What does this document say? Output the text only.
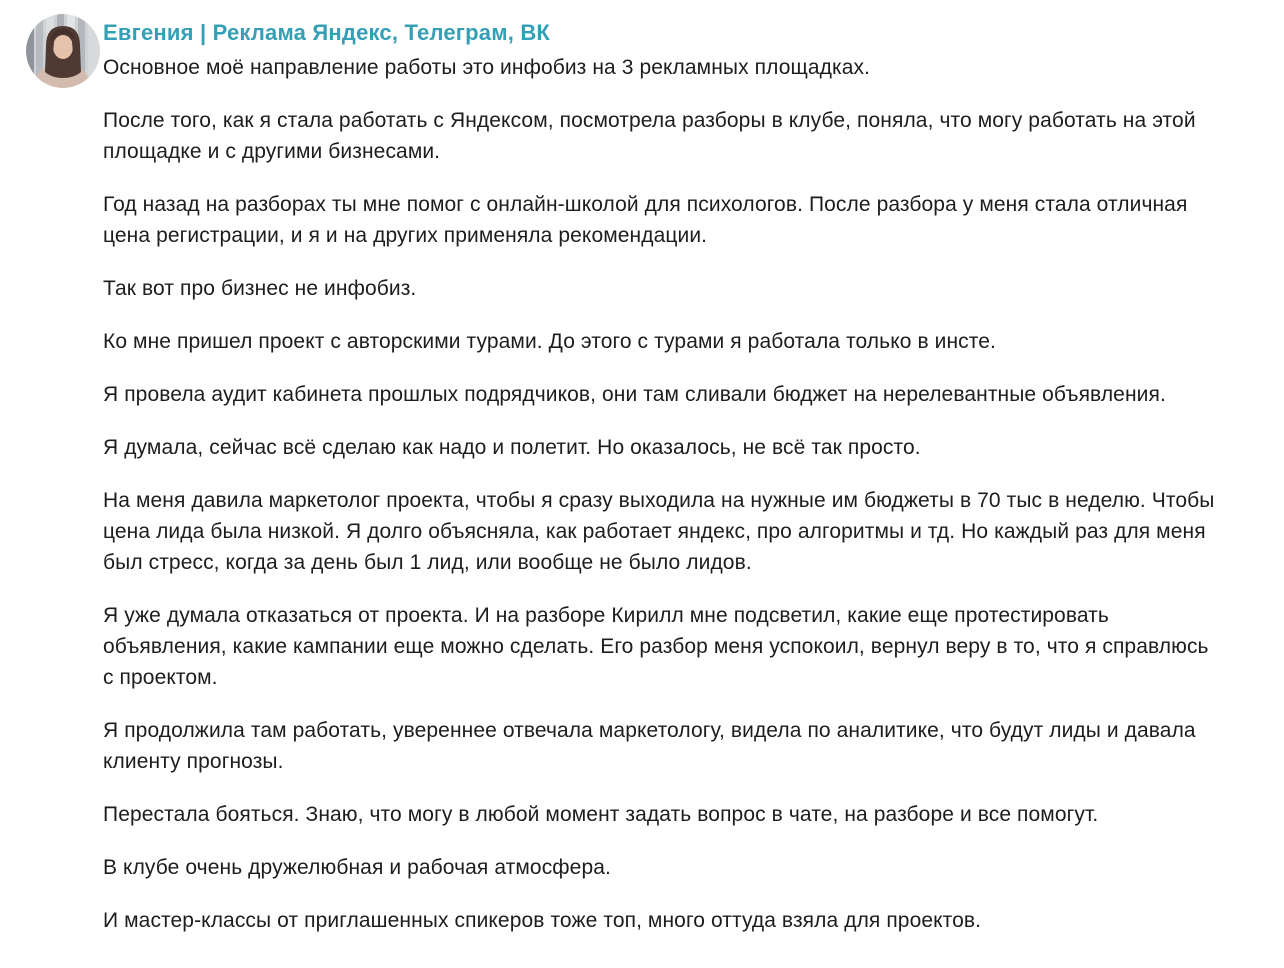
Евгения | Реклама Яндекс, Телеграм, ВК

Основное моё направление работы это инфобиз на 3 рекламных площадках.

После того, как я стала работать с Яндексом, посмотрела разборы в клубе, поняла, что могу работать на этой площадке и с другими бизнесами.

Год назад на разборах ты мне помог с онлайн-школой для психологов. После разбора у меня стала отличная цена регистрации, и я и на других применяла рекомендации.

Так вот про бизнес не инфобиз.

Ко мне пришел проект с авторскими турами. До этого с турами я работала только в инсте.

Я провела аудит кабинета прошлых подрядчиков, они там сливали бюджет на нерелевантные объявления.

Я думала, сейчас всё сделаю как надо и полетит. Но оказалось, не всё так просто.

На меня давила маркетолог проекта, чтобы я сразу выходила на нужные им бюджеты в 70 тыс в неделю. Чтобы цена лида была низкой. Я долго объясняла, как работает яндекс, про алгоритмы и тд. Но каждый раз для меня был стресс, когда за день был 1 лид, или вообще не было лидов.

Я уже думала отказаться от проекта. И на разборе Кирилл мне подсветил, какие еще протестировать объявления, какие кампании еще можно сделать. Его разбор меня успокоил, вернул веру в то, что я справлюсь с проектом.

Я продолжила там работать, увереннее отвечала маркетологу, видела по аналитике, что будут лиды и давала клиенту прогнозы.

Перестала бояться. Знаю, что могу в любой момент задать вопрос в чате, на разборе и все помогут.

В клубе очень дружелюбная и рабочая атмосфера.

И мастер-классы от приглашенных спикеров тоже топ, много оттуда взяла для проектов.
